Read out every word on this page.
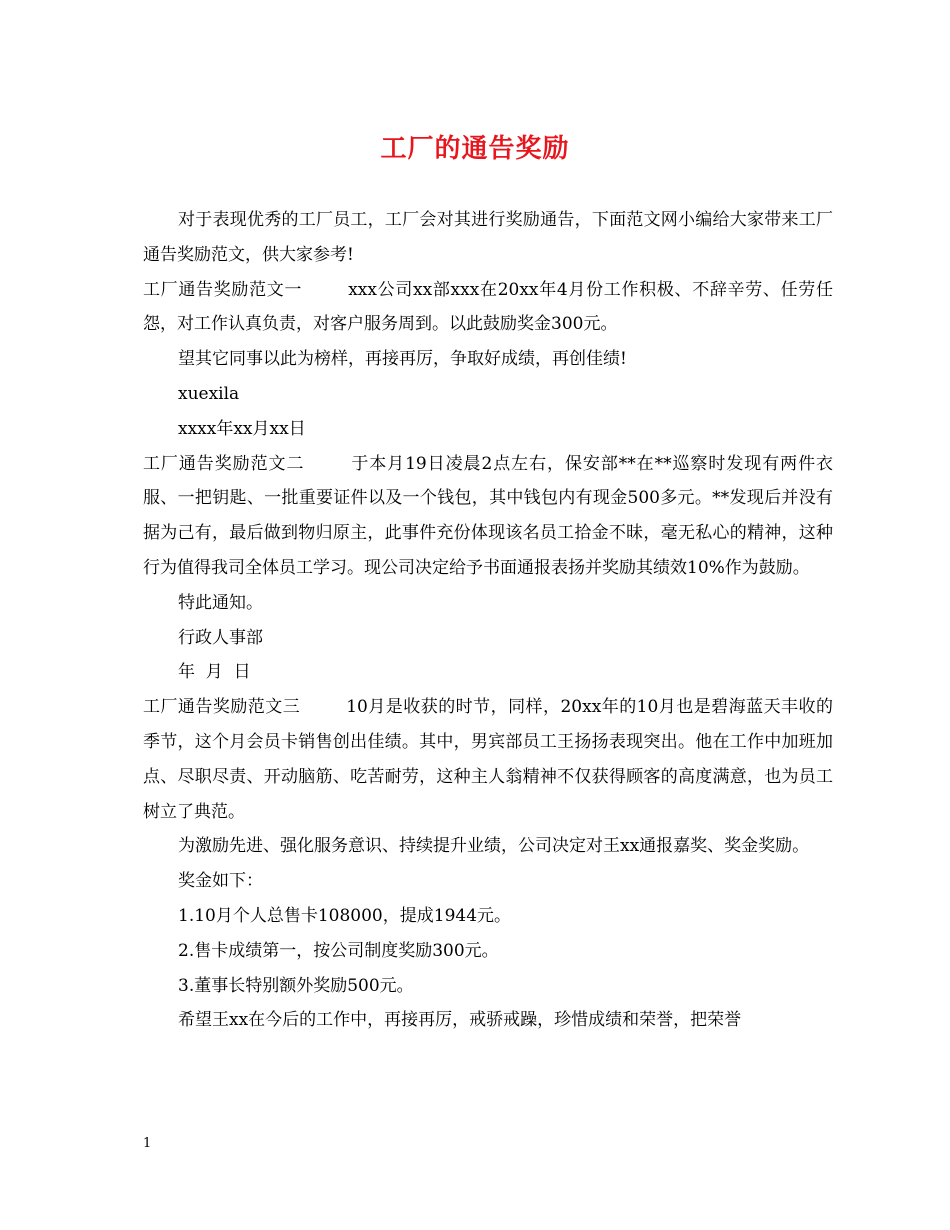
工厂的通告奖励

对于表现优秀的工厂员工，工厂会对其进行奖励通告，下面范文网小编给大家带来工厂通告奖励范文，供大家参考!

工厂通告奖励范文一	xxx公司xx部xxx在20xx年4月份工作积极、不辞辛劳、任劳任怨，对工作认真负责，对客户服务周到。以此鼓励奖金300元。

望其它同事以此为榜样，再接再厉，争取好成绩，再创佳绩!

xuexila

xxxx年xx月xx日

工厂通告奖励范文二	于本月19日凌晨2点左右，保安部**在**巡察时发现有两件衣服、一把钥匙、一批重要证件以及一个钱包，其中钱包内有现金500多元。**发现后并没有据为己有，最后做到物归原主，此事件充份体现该名员工拾金不昧，毫无私心的精神，这种行为值得我司全体员工学习。现公司决定给予书面通报表扬并奖励其绩效10%作为鼓励。

特此通知。

行政人事部

年  月  日

工厂通告奖励范文三	10月是收获的时节，同样，20xx年的10月也是碧海蓝天丰收的季节，这个月会员卡销售创出佳绩。其中，男宾部员工王扬扬表现突出。他在工作中加班加点、尽职尽责、开动脑筋、吃苦耐劳，这种主人翁精神不仅获得顾客的高度满意，也为员工树立了典范。

为激励先进、强化服务意识、持续提升业绩，公司决定对王xx通报嘉奖、奖金奖励。

奖金如下：

1.10月个人总售卡108000，提成1944元。

2.售卡成绩第一，按公司制度奖励300元。

3.董事长特别额外奖励500元。

希望王xx在今后的工作中，再接再厉，戒骄戒躁，珍惜成绩和荣誉，把荣誉

1
